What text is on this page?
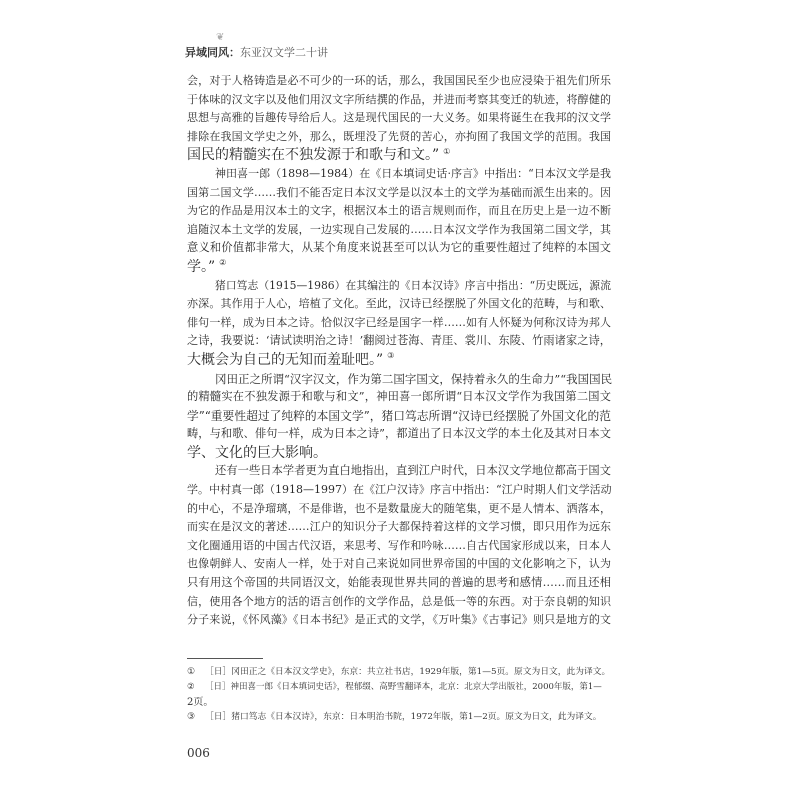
❦
异域同风：东亚汉文学二十讲
会，对于人格铸造是必不可少的一环的话，那么，我国国民至少也应浸染于祖先们所乐
于体味的汉文字以及他们用汉文字所结撰的作品，并进而考察其变迁的轨迹，将醇健的
思想与高雅的旨趣传导给后人。这是现代国民的一大义务。如果将诞生在我邦的汉文学
排除在我国文学史之外，那么，既埋没了先贤的苦心，亦拘囿了我国文学的范围。我国
国民的精髓实在不独发源于和歌与和文。” ①
神田喜一郎（1898—1984）在《日本填词史话·序言》中指出：“日本汉文学是我
国第二国文学……我们不能否定日本汉文学是以汉本土的文学为基础而派生出来的。因
为它的作品是用汉本土的文字，根据汉本土的语言规则而作，而且在历史上是一边不断
追随汉本土文学的发展，一边实现自己发展的……日本汉文学作为我国第二国文学，其
意义和价值都非常大，从某个角度来说甚至可以认为它的重要性超过了纯粹的本国文
学。” ②
猪口笃志（1915—1986）在其编注的《日本汉诗》序言中指出：“历史既远，源流
亦深。其作用于人心，培植了文化。至此，汉诗已经摆脱了外国文化的范畴，与和歌、
俳句一样，成为日本之诗。恰似汉字已经是国字一样……如有人怀疑为何称汉诗为邦人
之诗，我要说：‘请试读明治之诗！’翻阅过苍海、青厓、裳川、东陵、竹雨诸家之诗，
大概会为自己的无知而羞耻吧。” ③
冈田正之所谓“汉字汉文，作为第二国字国文，保持着永久的生命力”“我国国民
的精髓实在不独发源于和歌与和文”，神田喜一郎所谓“日本汉文学作为我国第二国文
学”“重要性超过了纯粹的本国文学”，猪口笃志所谓“汉诗已经摆脱了外国文化的范
畴，与和歌、俳句一样，成为日本之诗”，都道出了日本汉文学的本土化及其对日本文
学、文化的巨大影响。
还有一些日本学者更为直白地指出，直到江户时代，日本汉文学地位都高于国文
学。中村真一郎（1918—1997）在《江户汉诗》序言中指出：“江户时期人们文学活动
的中心，不是净瑠璃，不是俳谐，也不是数量庞大的随笔集，更不是人情本、洒落本，
而实在是汉文的著述……江户的知识分子大都保持着这样的文学习惯，即只用作为远东
文化圈通用语的中国古代汉语，来思考、写作和吟咏……自古代国家形成以来，日本人
也像朝鲜人、安南人一样，处于对自己来说如同世界帝国的中国的文化影响之下，认为
只有用这个帝国的共同语汉文，始能表现世界共同的普遍的思考和感情……而且还相
信，使用各个地方的活的语言创作的文学作品，总是低一等的东西。对于奈良朝的知识
分子来说，《怀风藻》《日本书纪》是正式的文学，《万叶集》《古事记》则只是地方的文
① ［日］冈田正之《日本汉文学史》，东京：共立社书店，1929年版，第1—5页。原文为日文，此为译文。
② ［日］神田喜一郎《日本填词史话》，程郁缀、高野雪翻译本，北京：北京大学出版社，2000年版，第1—
2页。
③ ［日］猪口笃志《日本汉诗》，东京：日本明治书院，1972年版，第1—2页。原文为日文，此为译文。
006
